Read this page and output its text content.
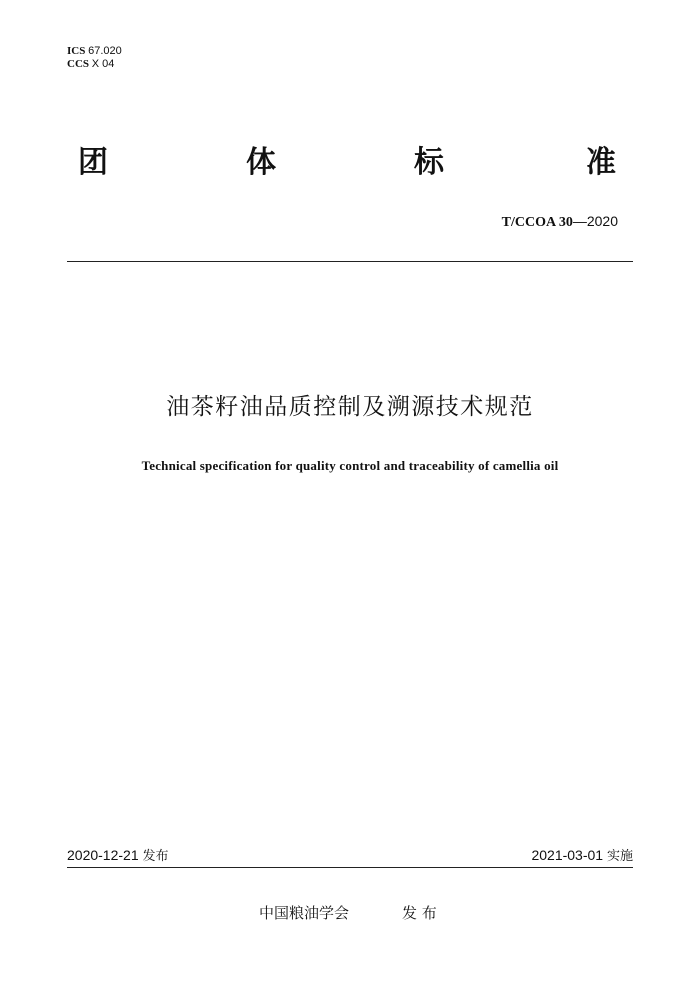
ICS 67.020
CCS X 04
团	体	标	准
T/CCOA 30—2020
油茶籽油品质控制及溯源技术规范
Technical specification for quality control and traceability of camellia oil
2020-12-21 发布	2021-03-01 实施
中国粮油学会	发 布
